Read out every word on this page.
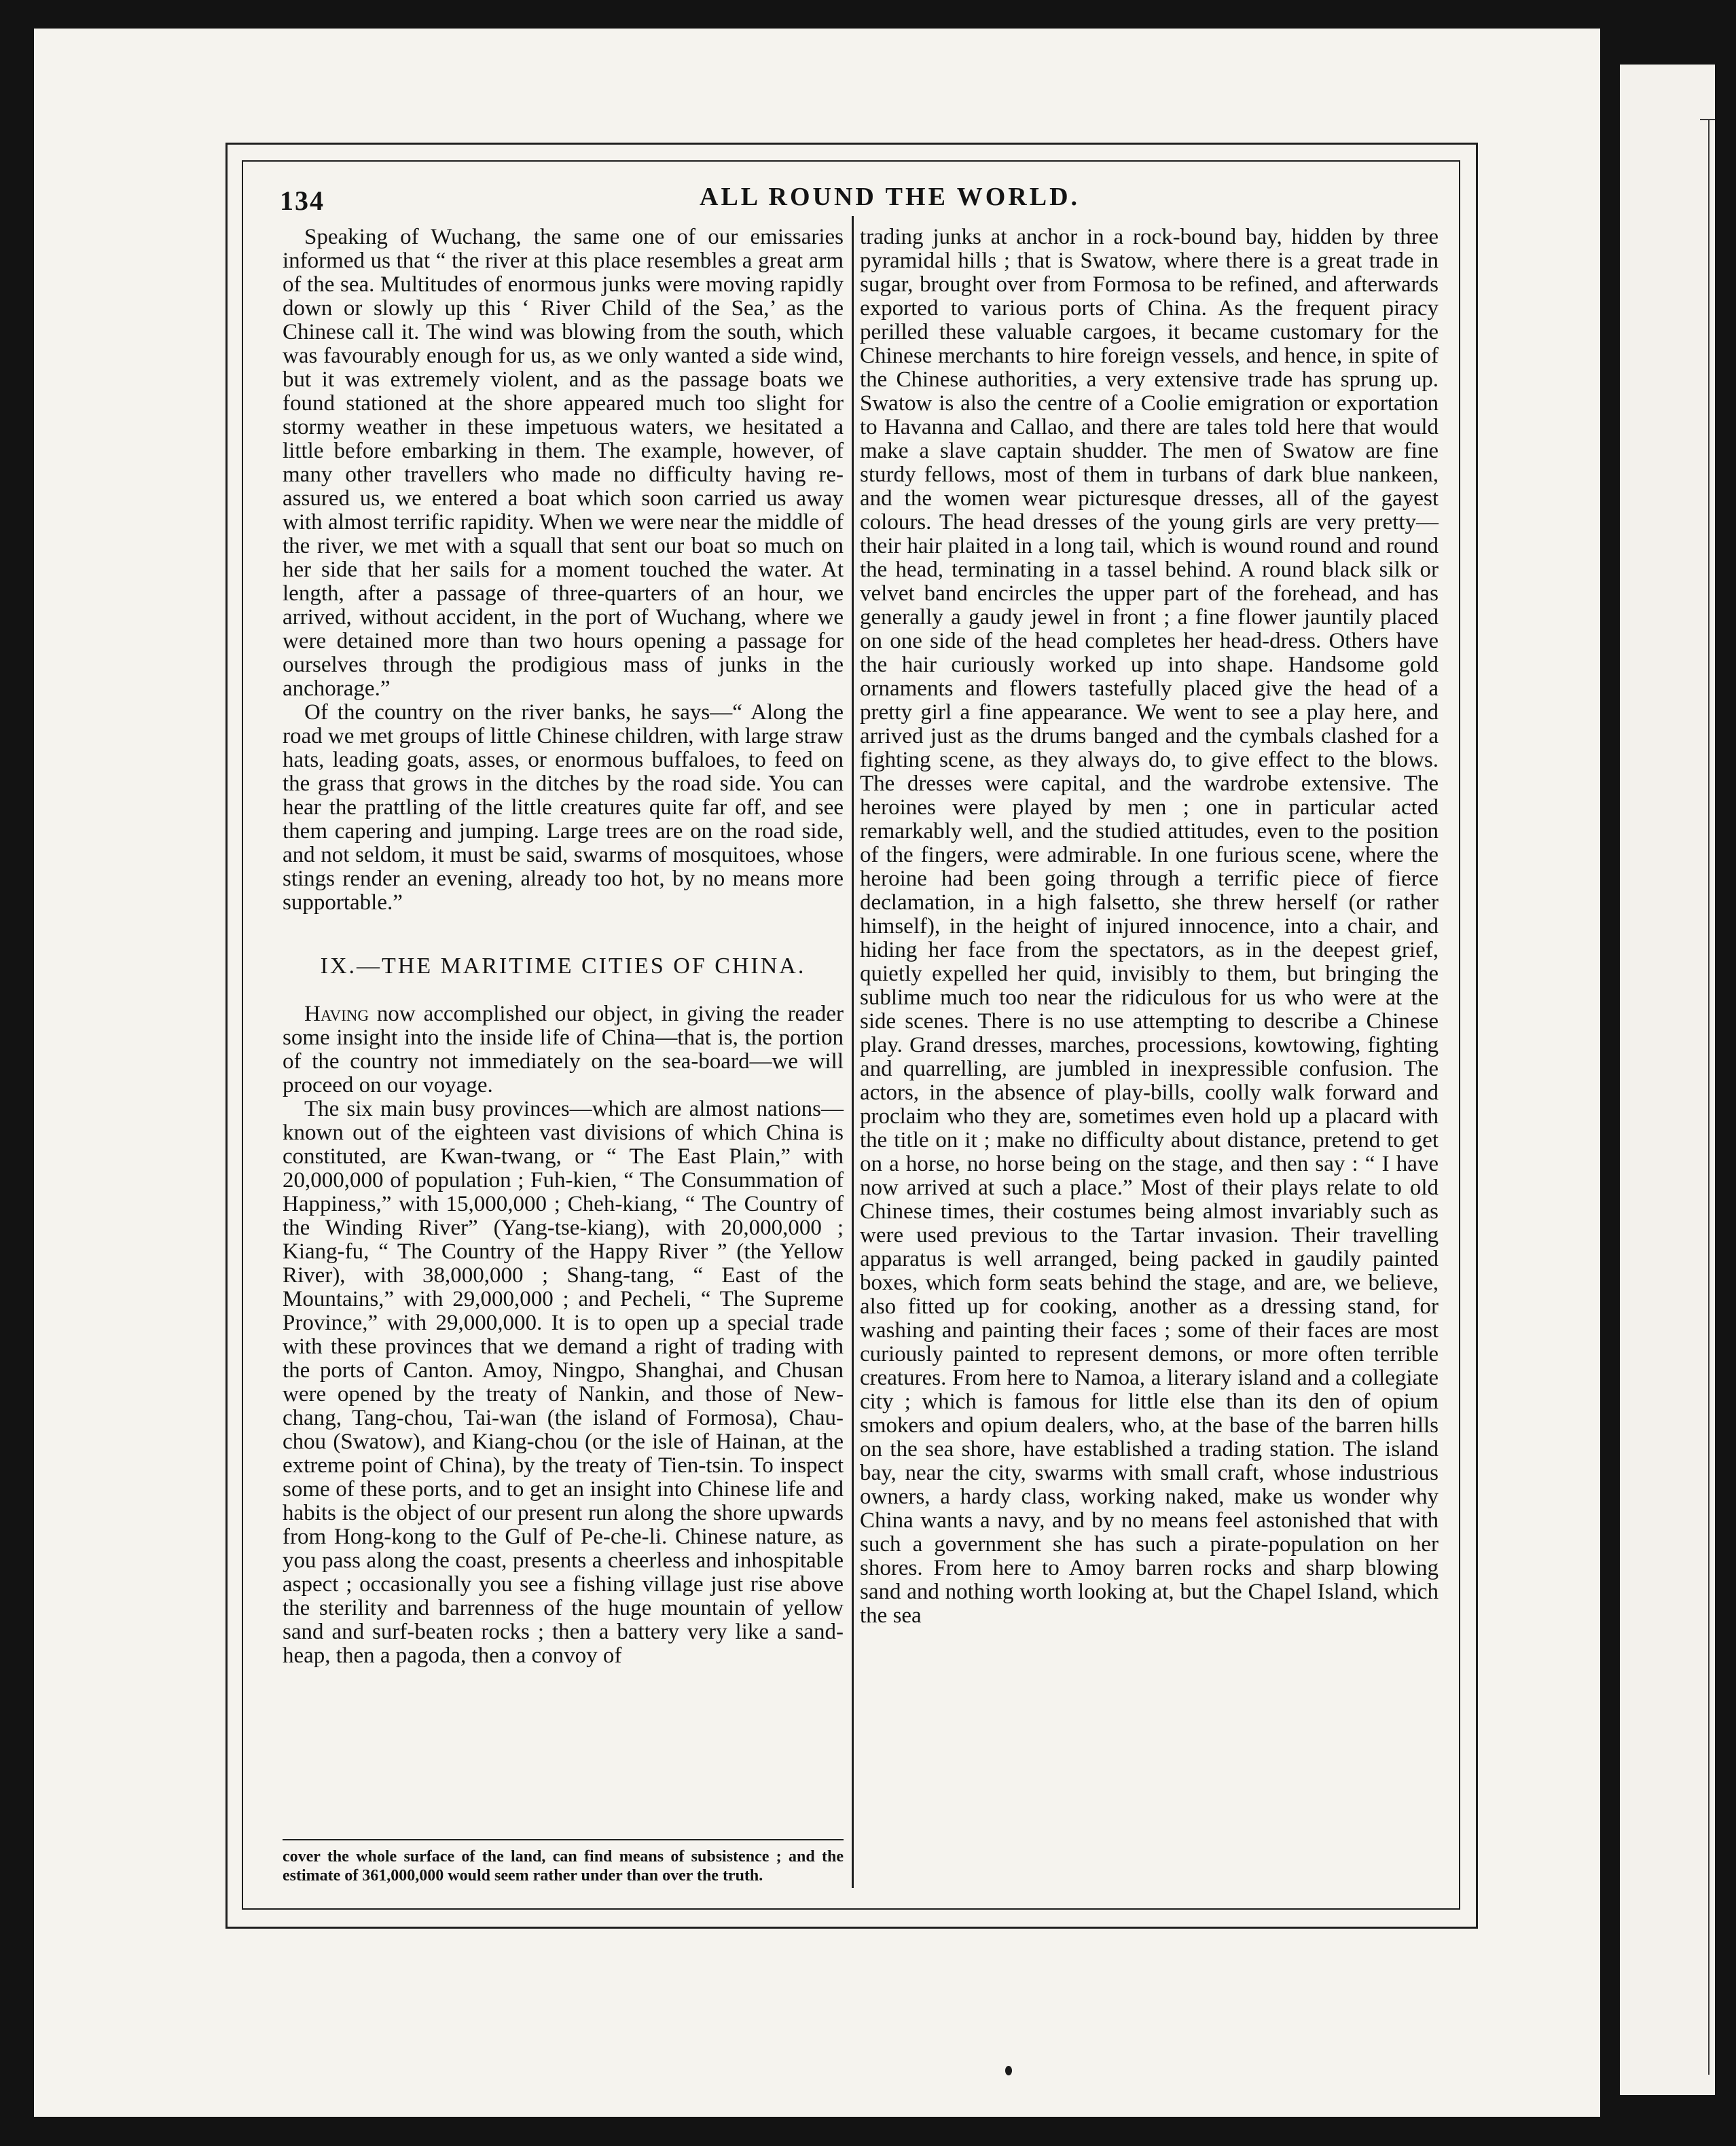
134	ALL ROUND THE WORLD.

Speaking of Wuchang, the same one of our emissaries informed us that “ the river at this place resembles a great arm of the sea. Multitudes of enormous junks were moving rapidly down or slowly up this ‘ River Child of the Sea,’ as the Chinese call it. The wind was blowing from the south, which was favourably enough for us, as we only wanted a side wind, but it was extremely violent, and as the passage boats we found stationed at the shore appeared much too slight for stormy weather in these impetuous waters, we hesitated a little before embarking in them. The example, however, of many other travellers who made no difficulty having re-assured us, we entered a boat which soon carried us away with almost terrific rapidity. When we were near the middle of the river, we met with a squall that sent our boat so much on her side that her sails for a moment touched the water. At length, after a passage of three-quarters of an hour, we arrived, without accident, in the port of Wuchang, where we were detained more than two hours opening a passage for ourselves through the prodigious mass of junks in the anchorage.”

Of the country on the river banks, he says—“ Along the road we met groups of little Chinese children, with large straw hats, leading goats, asses, or enormous buffaloes, to feed on the grass that grows in the ditches by the road side. You can hear the prattling of the little creatures quite far off, and see them capering and jumping. Large trees are on the road side, and not seldom, it must be said, swarms of mosquitoes, whose stings render an evening, already too hot, by no means more supportable.”

IX.—THE MARITIME CITIES OF CHINA.

Having now accomplished our object, in giving the reader some insight into the inside life of China—that is, the portion of the country not immediately on the sea-board—we will proceed on our voyage.

The six main busy provinces—which are almost nations—known out of the eighteen vast divisions of which China is constituted, are Kwan-twang, or “ The East Plain,” with 20,000,000 of population ; Fuh-kien, “ The Consummation of Happiness,” with 15,000,000 ; Cheh-kiang, “ The Country of the Winding River” (Yang-tse-kiang), with 20,000,000 ; Kiang-fu, “ The Country of the Happy River ” (the Yellow River), with 38,000,000 ; Shang-tang, “ East of the Mountains,” with 29,000,000 ; and Pecheli, “ The Supreme Province,” with 29,000,000. It is to open up a special trade with these provinces that we demand a right of trading with the ports of Canton. Amoy, Ningpo, Shanghai, and Chusan were opened by the treaty of Nankin, and those of New-chang, Tang-chou, Tai-wan (the island of Formosa), Chau-chou (Swatow), and Kiang-chou (or the isle of Hainan, at the extreme point of China), by the treaty of Tien-tsin. To inspect some of these ports, and to get an insight into Chinese life and habits is the object of our present run along the shore upwards from Hong-kong to the Gulf of Pe-che-li. Chinese nature, as you pass along the coast, presents a cheerless and inhospitable aspect ; occasionally you see a fishing village just rise above the sterility and barrenness of the huge mountain of yellow sand and surf-beaten rocks ; then a battery very like a sand-heap, then a pagoda, then a convoy of

cover the whole surface of the land, can find means of subsistence ; and the estimate of 361,000,000 would seem rather under than over the truth.

trading junks at anchor in a rock-bound bay, hidden by three pyramidal hills ; that is Swatow, where there is a great trade in sugar, brought over from Formosa to be refined, and afterwards exported to various ports of China. As the frequent piracy perilled these valuable cargoes, it became customary for the Chinese merchants to hire foreign vessels, and hence, in spite of the Chinese authorities, a very extensive trade has sprung up. Swatow is also the centre of a Coolie emigration or exportation to Havanna and Callao, and there are tales told here that would make a slave captain shudder. The men of Swatow are fine sturdy fellows, most of them in turbans of dark blue nankeen, and the women wear picturesque dresses, all of the gayest colours. The head dresses of the young girls are very pretty—their hair plaited in a long tail, which is wound round and round the head, terminating in a tassel behind. A round black silk or velvet band encircles the upper part of the forehead, and has generally a gaudy jewel in front ; a fine flower jauntily placed on one side of the head completes her head-dress. Others have the hair curiously worked up into shape. Handsome gold ornaments and flowers tastefully placed give the head of a pretty girl a fine appearance. We went to see a play here, and arrived just as the drums banged and the cymbals clashed for a fighting scene, as they always do, to give effect to the blows. The dresses were capital, and the wardrobe extensive. The heroines were played by men ; one in particular acted remarkably well, and the studied attitudes, even to the position of the fingers, were admirable. In one furious scene, where the heroine had been going through a terrific piece of fierce declamation, in a high falsetto, she threw herself (or rather himself), in the height of injured innocence, into a chair, and hiding her face from the spectators, as in the deepest grief, quietly expelled her quid, invisibly to them, but bringing the sublime much too near the ridiculous for us who were at the side scenes. There is no use attempting to describe a Chinese play. Grand dresses, marches, processions, kowtowing, fighting and quarrelling, are jumbled in inexpressible confusion. The actors, in the absence of play-bills, coolly walk forward and proclaim who they are, sometimes even hold up a placard with the title on it ; make no difficulty about distance, pretend to get on a horse, no horse being on the stage, and then say : “ I have now arrived at such a place.” Most of their plays relate to old Chinese times, their costumes being almost invariably such as were used previous to the Tartar invasion. Their travelling apparatus is well arranged, being packed in gaudily painted boxes, which form seats behind the stage, and are, we believe, also fitted up for cooking, another as a dressing stand, for washing and painting their faces ; some of their faces are most curiously painted to represent demons, or more often terrible creatures. From here to Namoa, a literary island and a collegiate city ; which is famous for little else than its den of opium smokers and opium dealers, who, at the base of the barren hills on the sea shore, have established a trading station. The island bay, near the city, swarms with small craft, whose industrious owners, a hardy class, working naked, make us wonder why China wants a navy, and by no means feel astonished that with such a government she has such a pirate-population on her shores. From here to Amoy barren rocks and sharp blowing sand and nothing worth looking at, but the Chapel Island, which the sea
